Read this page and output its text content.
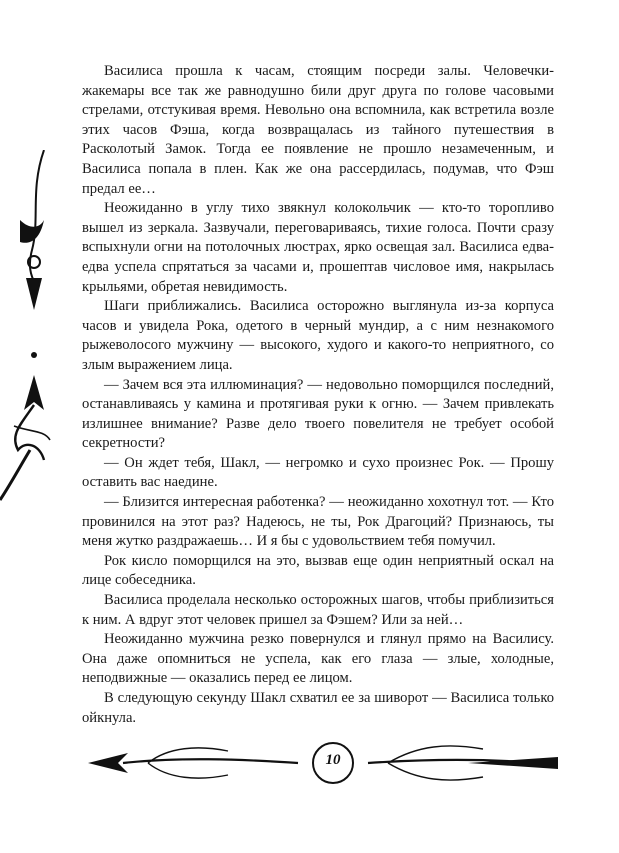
Василиса прошла к часам, стоящим посреди залы. Человечки-жакемары все так же равнодушно били друг друга по голове часовыми стрелами, отстукивая время. Невольно она вспомнила, как встретила возле этих часов Фэша, когда возвращалась из тайного путешествия в Расколотый Замок. Тогда ее появление не прошло незамеченным, и Василиса попала в плен. Как же она рассердилась, подумав, что Фэш предал ее…

Неожиданно в углу тихо звякнул колокольчик — кто-то торопливо вышел из зеркала. Зазвучали, переговариваясь, тихие голоса. Почти сразу вспыхнули огни на потолочных люстрах, ярко освещая зал. Василиса едва-едва успела спрятаться за часами и, прошептав числовое имя, накрылась крыльями, обретая невидимость.

Шаги приближались. Василиса осторожно выглянула из-за корпуса часов и увидела Рока, одетого в черный мундир, а с ним незнакомого рыжеволосого мужчину — высокого, худого и какого-то неприятного, со злым выражением лица.

— Зачем вся эта иллюминация? — недовольно поморщился последний, останавливаясь у камина и протягивая руки к огню. — Зачем привлекать излишнее внимание? Разве дело твоего повелителя не требует особой секретности?

— Он ждет тебя, Шакл, — негромко и сухо произнес Рок. — Прошу оставить вас наедине.

— Близится интересная работенка? — неожиданно хохотнул тот. — Кто провинился на этот раз? Надеюсь, не ты, Рок Драгоций? Признаюсь, ты меня жутко раздражаешь… И я бы с удовольствием тебя помучил.

Рок кисло поморщился на это, вызвав еще один неприятный оскал на лице собеседника.

Василиса проделала несколько осторожных шагов, чтобы приблизиться к ним. А вдруг этот человек пришел за Фэшем? Или за ней…

Неожиданно мужчина резко повернулся и глянул прямо на Василису. Она даже опомниться не успела, как его глаза — злые, холодные, неподвижные — оказались перед ее лицом.

В следующую секунду Шакл схватил ее за шиворот — Василиса только ойкнула.

10
